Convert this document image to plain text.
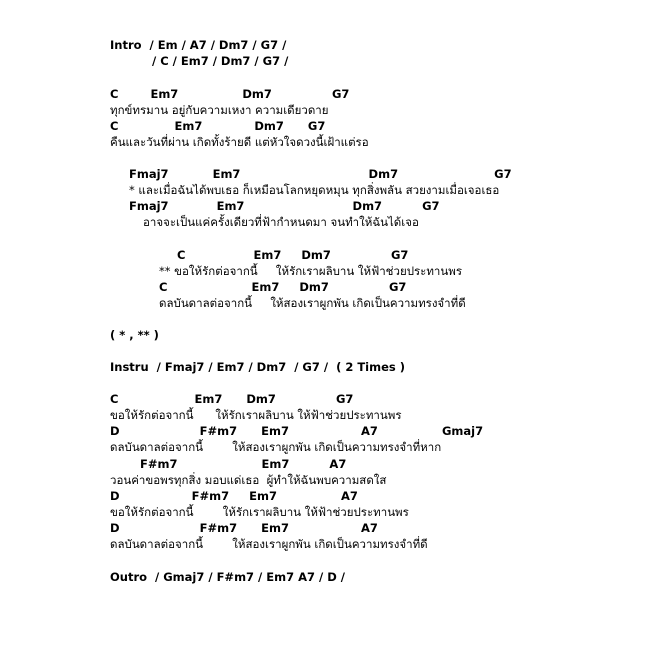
Intro  / Em / A7 / Dm7 / G7 /
/ C / Em7 / Dm7 / G7 /
C        Em7                Dm7               G7
ทุกข์ทรมาน อยู่กับความเหงา ความเดียวดาย
C              Em7             Dm7      G7
คืนและวันที่ผ่าน เกิดทั้งร้ายดี แต่หัวใจดวงนี้เฝ้าแต่รอ
Fmaj7           Em7                                Dm7                        G7
* และเมื่อฉันได้พบเธอ ก็เหมือนโลกหยุดหมุน ทุกสิ่งพลัน สวยงามเมื่อเจอเธอ
Fmaj7            Em7                           Dm7          G7
อาจจะเป็นแค่ครั้งเดียวที่ฟ้ากำหนดมา จนทำให้ฉันได้เจอ
C                 Em7     Dm7               G7
** ขอให้รักต่อจากนี้     ให้รักเราผลิบาน ให้ฟ้าช่วยประทานพร
C                     Em7     Dm7               G7
ดลบันดาลต่อจากนี้     ให้สองเราผูกพัน เกิดเป็นความทรงจำที่ดี
( * , ** )
Instru  / Fmaj7 / Em7 / Dm7  / G7 /  ( 2 Times )
C                   Em7      Dm7               G7
ขอให้รักต่อจากนี้      ให้รักเราผลิบาน ให้ฟ้าช่วยประทานพร
D                    F#m7      Em7                  A7                Gmaj7
ดลบันดาลต่อจากนี้        ให้สองเราผูกพัน เกิดเป็นความทรงจำที่หาก
F#m7                     Em7          A7
วอนค่าขอพรทุกสิ่ง มอบแด่เธอ  ผู้ทำให้ฉันพบความสดใส
D                  F#m7     Em7                A7
ขอให้รักต่อจากนี้        ให้รักเราผลิบาน ให้ฟ้าช่วยประทานพร
D                    F#m7      Em7                  A7
ดลบันดาลต่อจากนี้        ให้สองเราผูกพัน เกิดเป็นความทรงจำที่ดี
Outro  / Gmaj7 / F#m7 / Em7 A7 / D /
